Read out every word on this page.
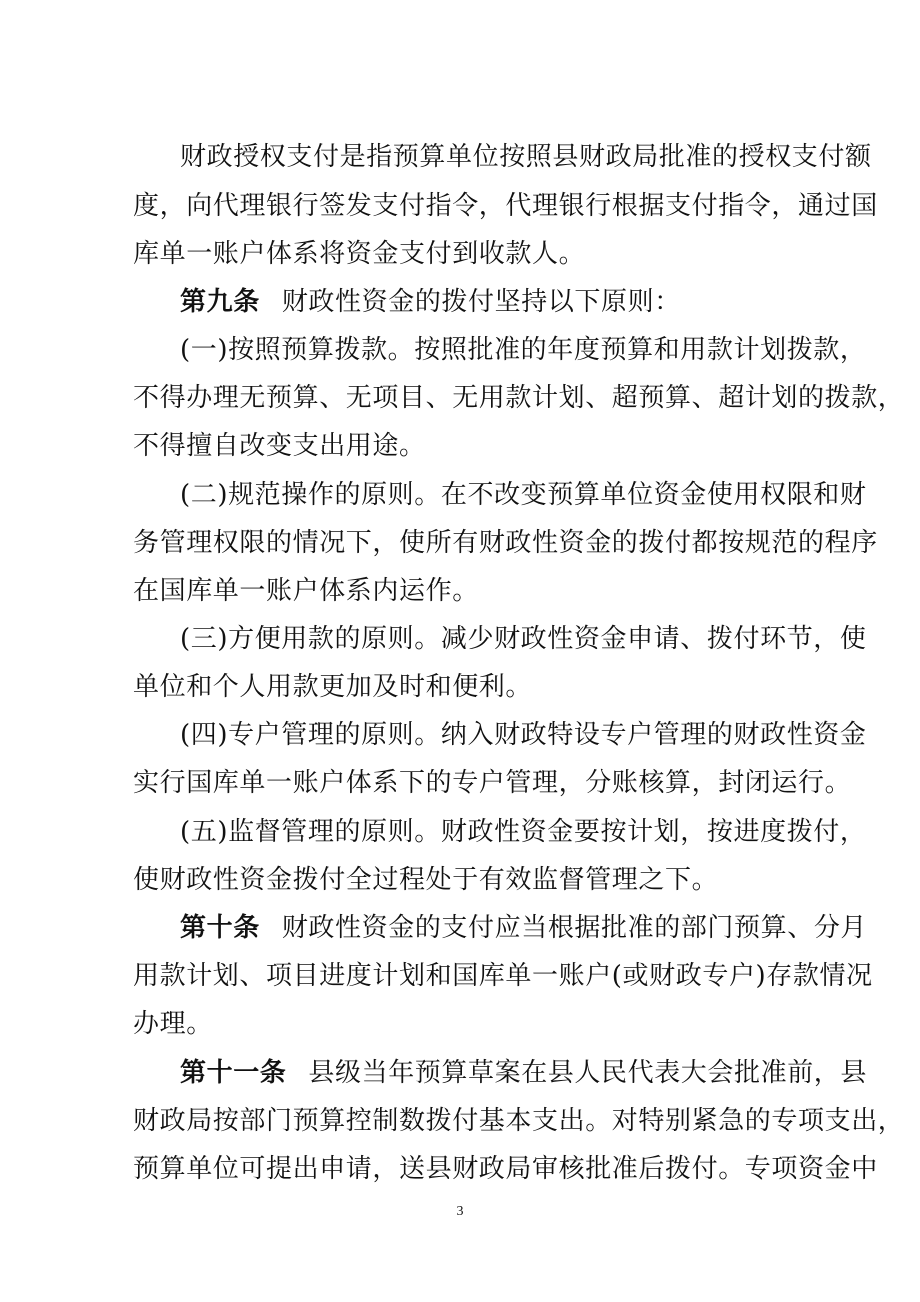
财政授权支付是指预算单位按照县财政局批准的授权支付额
度，向代理银行签发支付指令，代理银行根据支付指令，通过国
库单一账户体系将资金支付到收款人。
第九条 财政性资金的拨付坚持以下原则：
(一)按照预算拨款。按照批准的年度预算和用款计划拨款，
不得办理无预算、无项目、无用款计划、超预算、超计划的拨款，
不得擅自改变支出用途。
(二)规范操作的原则。在不改变预算单位资金使用权限和财
务管理权限的情况下，使所有财政性资金的拨付都按规范的程序
在国库单一账户体系内运作。
(三)方便用款的原则。减少财政性资金申请、拨付环节，使
单位和个人用款更加及时和便利。
(四)专户管理的原则。纳入财政特设专户管理的财政性资金
实行国库单一账户体系下的专户管理，分账核算，封闭运行。
(五)监督管理的原则。财政性资金要按计划，按进度拨付，
使财政性资金拨付全过程处于有效监督管理之下。
第十条 财政性资金的支付应当根据批准的部门预算、分月
用款计划、项目进度计划和国库单一账户(或财政专户)存款情况
办理。
第十一条 县级当年预算草案在县人民代表大会批准前，县
财政局按部门预算控制数拨付基本支出。对特别紧急的专项支出，
预算单位可提出申请，送县财政局审核批准后拨付。专项资金中
3
